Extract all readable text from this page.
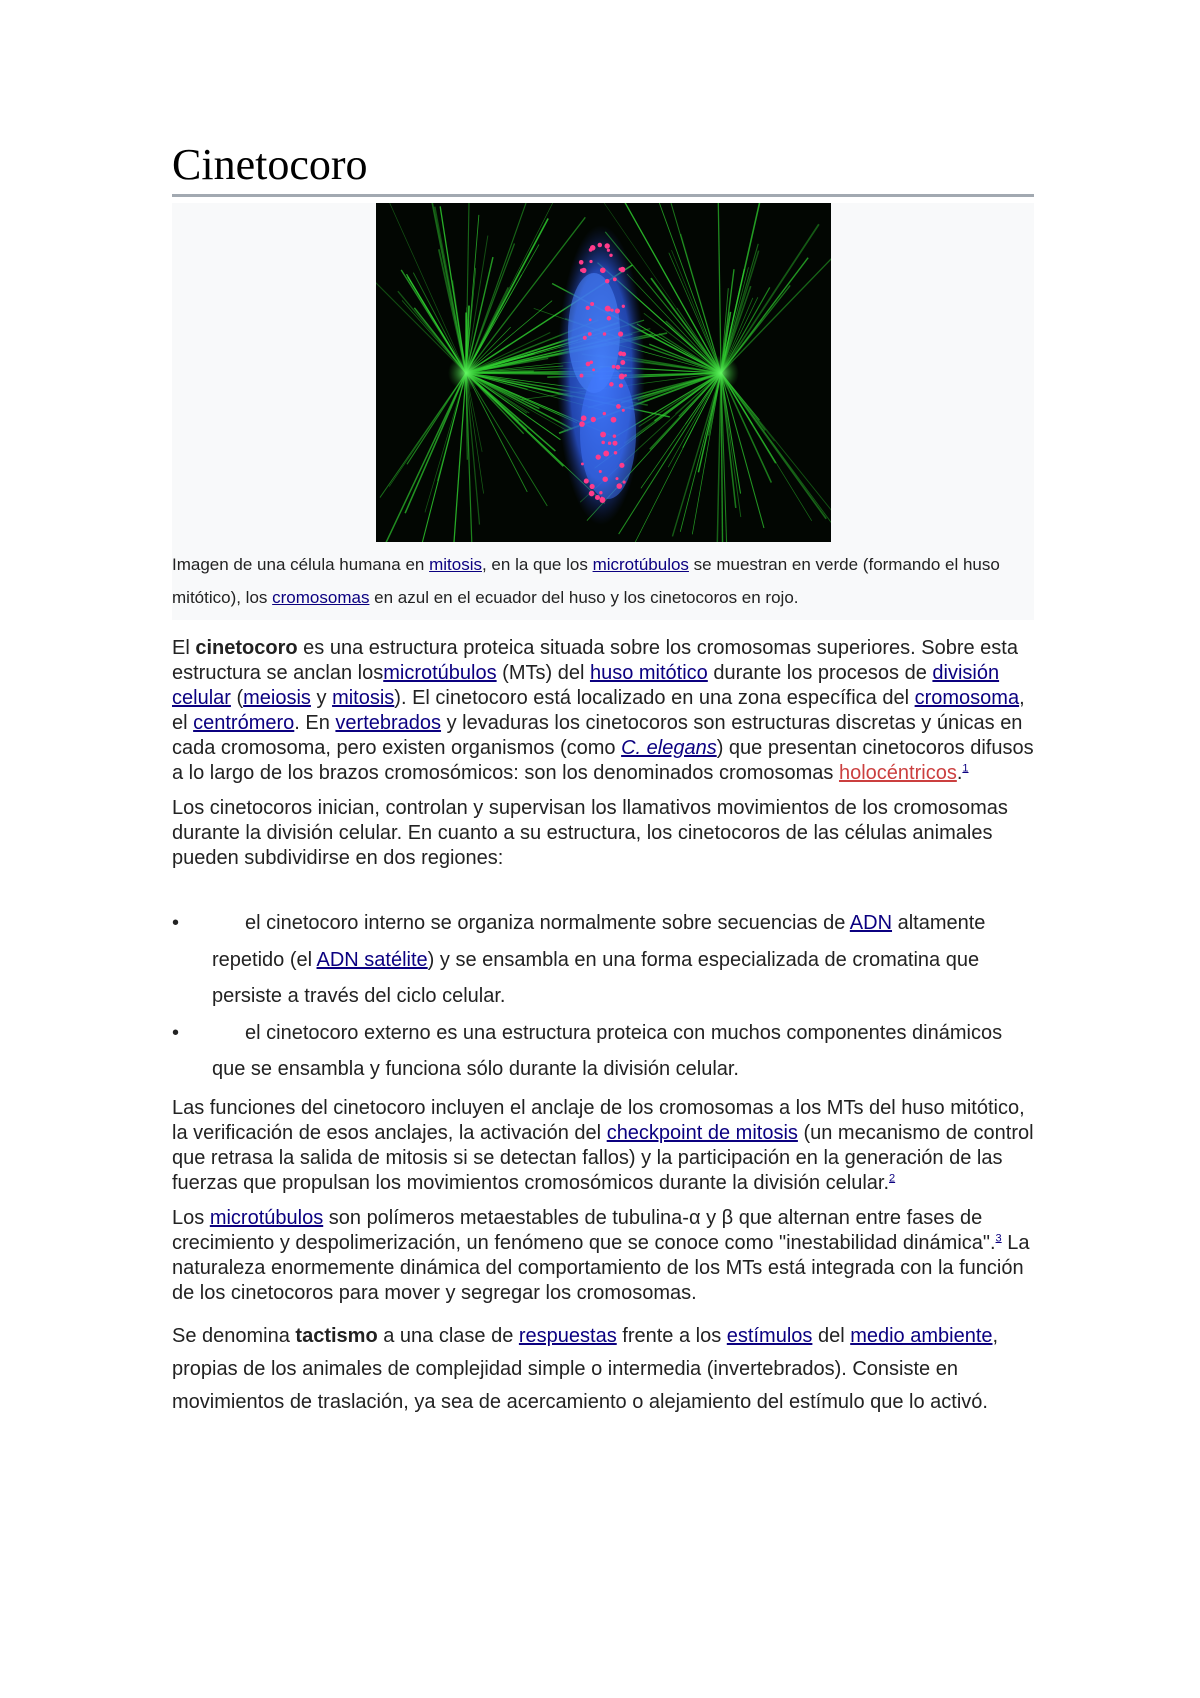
Cinetocoro
Imagen de una célula humana en mitosis, en la que los microtúbulos se muestran en verde (formando el huso mitótico), los cromosomas en azul en el ecuador del huso y los cinetocoros en rojo.

El cinetocoro es una estructura proteica situada sobre los cromosomas superiores. Sobre esta estructura se anclan losmicrotúbulos (MTs) del huso mitótico durante los procesos de división celular (meiosis y mitosis). El cinetocoro está localizado en una zona específica del cromosoma, el centrómero. En vertebrados y levaduras los cinetocoros son estructuras discretas y únicas en cada cromosoma, pero existen organismos (como C. elegans) que presentan cinetocoros difusos a lo largo de los brazos cromosómicos: son los denominados cromosomas holocéntricos.$^1$

Los cinetocoros inician, controlan y supervisan los llamativos movimientos de los cromosomas durante la división celular. En cuanto a su estructura, los cinetocoros de las células animales pueden subdividirse en dos regiones:

•	el cinetocoro interno se organiza normalmente sobre secuencias de ADN altamente repetido (el ADN satélite) y se ensambla en una forma especializada de cromatina que persiste a través del ciclo celular.
•	el cinetocoro externo es una estructura proteica con muchos componentes dinámicos que se ensambla y funciona sólo durante la división celular.

Las funciones del cinetocoro incluyen el anclaje de los cromosomas a los MTs del huso mitótico, la verificación de esos anclajes, la activación del checkpoint de mitosis (un mecanismo de control que retrasa la salida de mitosis si se detectan fallos) y la participación en la generación de las fuerzas que propulsan los movimientos cromosómicos durante la división celular.$^2$

Los microtúbulos son polímeros metaestables de tubulina-α y β que alternan entre fases de crecimiento y despolimerización, un fenómeno que se conoce como "inestabilidad dinámica".$^3$ La naturaleza enormemente dinámica del comportamiento de los MTs está integrada con la función de los cinetocoros para mover y segregar los cromosomas.

Se denomina tactismo a una clase de respuestas frente a los estímulos del medio ambiente, propias de los animales de complejidad simple o intermedia (invertebrados). Consiste en movimientos de traslación, ya sea de acercamiento o alejamiento del estímulo que lo activó.
